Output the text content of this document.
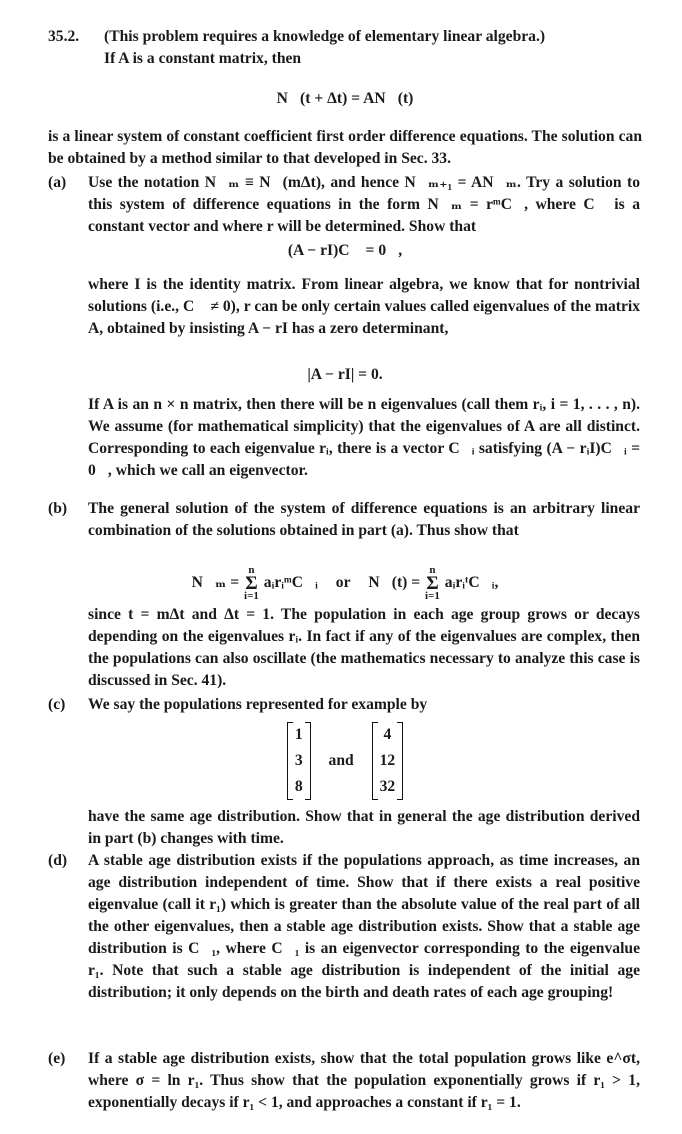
35.2. (This problem requires a knowledge of elementary linear algebra.)
If A is a constant matrix, then
N⃗(t + Δt) = AN⃗(t)
is a linear system of constant coefficient first order difference equations. The solution can be obtained by a method similar to that developed in Sec. 33.
(a) Use the notation N⃗ₘ ≡ N⃗(mΔt), and hence N⃗ₘ₊₁ = AN⃗ₘ. Try a solution to this system of difference equations in the form N⃗ₘ = rᵐC⃗, where C⃗ is a constant vector and where r will be determined. Show that
(A − rI)C⃗ = 0⃗,
where I is the identity matrix. From linear algebra, we know that for nontrivial solutions (i.e., C⃗ ≠ 0), r can be only certain values called eigenvalues of the matrix A, obtained by insisting A − rI has a zero determinant,
|A − rI| = 0.
If A is an n × n matrix, then there will be n eigenvalues (call them rᵢ, i = 1, . . . , n). We assume (for mathematical simplicity) that the eigenvalues of A are all distinct. Corresponding to each eigenvalue rᵢ, there is a vector C⃗ᵢ satisfying (A − rᵢI)C⃗ᵢ = 0⃗, which we call an eigenvector.
(b) The general solution of the system of difference equations is an arbitrary linear combination of the solutions obtained in part (a). Thus show that
N⃗ₘ = n
Σ
i=1 aᵢrᵢᵐC⃗ᵢ or N⃗(t) = n
Σ
i=1 aᵢrᵢᵗC⃗ᵢ,
since t = mΔt and Δt = 1. The population in each age group grows or decays depending on the eigenvalues rᵢ. In fact if any of the eigenvalues are complex, then the populations can also oscillate (the mathematics necessary to analyze this case is discussed in Sec. 41).
(c) We say the populations represented for example by
1
3
8
and
4
12
32
have the same age distribution. Show that in general the age distribution derived in part (b) changes with time.
(d) A stable age distribution exists if the populations approach, as time increases, an age distribution independent of time. Show that if there exists a real positive eigenvalue (call it r₁) which is greater than the absolute value of the real part of all the other eigenvalues, then a stable age distribution exists. Show that a stable age distribution is C⃗₁, where C⃗₁ is an eigenvector corresponding to the eigenvalue r₁. Note that such a stable age distribution is independent of the initial age distribution; it only depends on the birth and death rates of each age grouping!
(e) If a stable age distribution exists, show that the total population grows like e^σt, where σ = ln r₁. Thus show that the population exponentially grows if r₁ > 1, exponentially decays if r₁ < 1, and approaches a constant if r₁ = 1.
